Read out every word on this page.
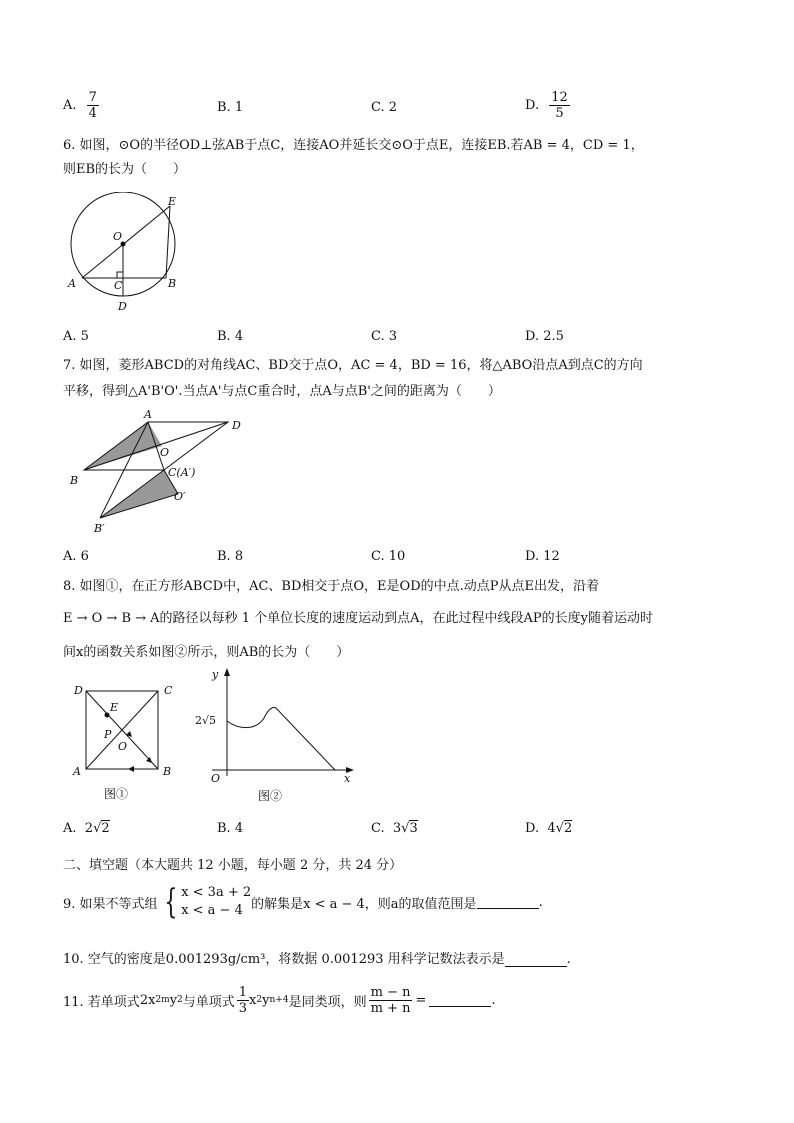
A. $\frac{7}{4}$	B. 1	C. 2	D. $\frac{12}{5}$
6. 如图，⊙O的半径OD⊥弦AB于点C，连接AO并延长交⊙O于点E，连接EB.若AB = 4，CD = 1，
则EB的长为（　　）
E
O
A	C	B
D
A. 5	B. 4	C. 3	D. 2.5
7. 如图，菱形ABCD的对角线AC、BD交于点O，AC = 4，BD = 16，将△ABO沿点A到点C的方向
平移，得到△A'B'O'.当点A'与点C重合时，点A与点B'之间的距离为（　　）
A
D
O
B
C(A′)
O′
B′
A. 6	B. 8	C. 10	D. 12
8. 如图①，在正方形ABCD中，AC、BD相交于点O，E是OD的中点.动点P从点E出发，沿着
E → O → B → A的路径以每秒 1 个单位长度的速度运动到点A，在此过程中线段AP的长度y随着运动时
间x的函数关系如图②所示，则AB的长为（　　）
D	C
E
P
O
A	B
图①
y
x
O
2√5
图②
A. 2√2	B. 4	C. 3√3	D. 4√2
二、填空题（本大题共 12 小题，每小题 2 分，共 24 分）
9. 如果不等式组 { x < 3a + 2
x < a − 4 的解集是x < a − 4，则a的取值范围是	.
10. 空气的密度是0.001293g/cm³，将数据 0.001293 用科学记数法表示是	.
11. 若单项式 2x 2m y 2 与单项式 $\frac{1}{3}$ x 2 y n+4 是同类项，则 $\frac{m - n}{m + n}$ =	.
